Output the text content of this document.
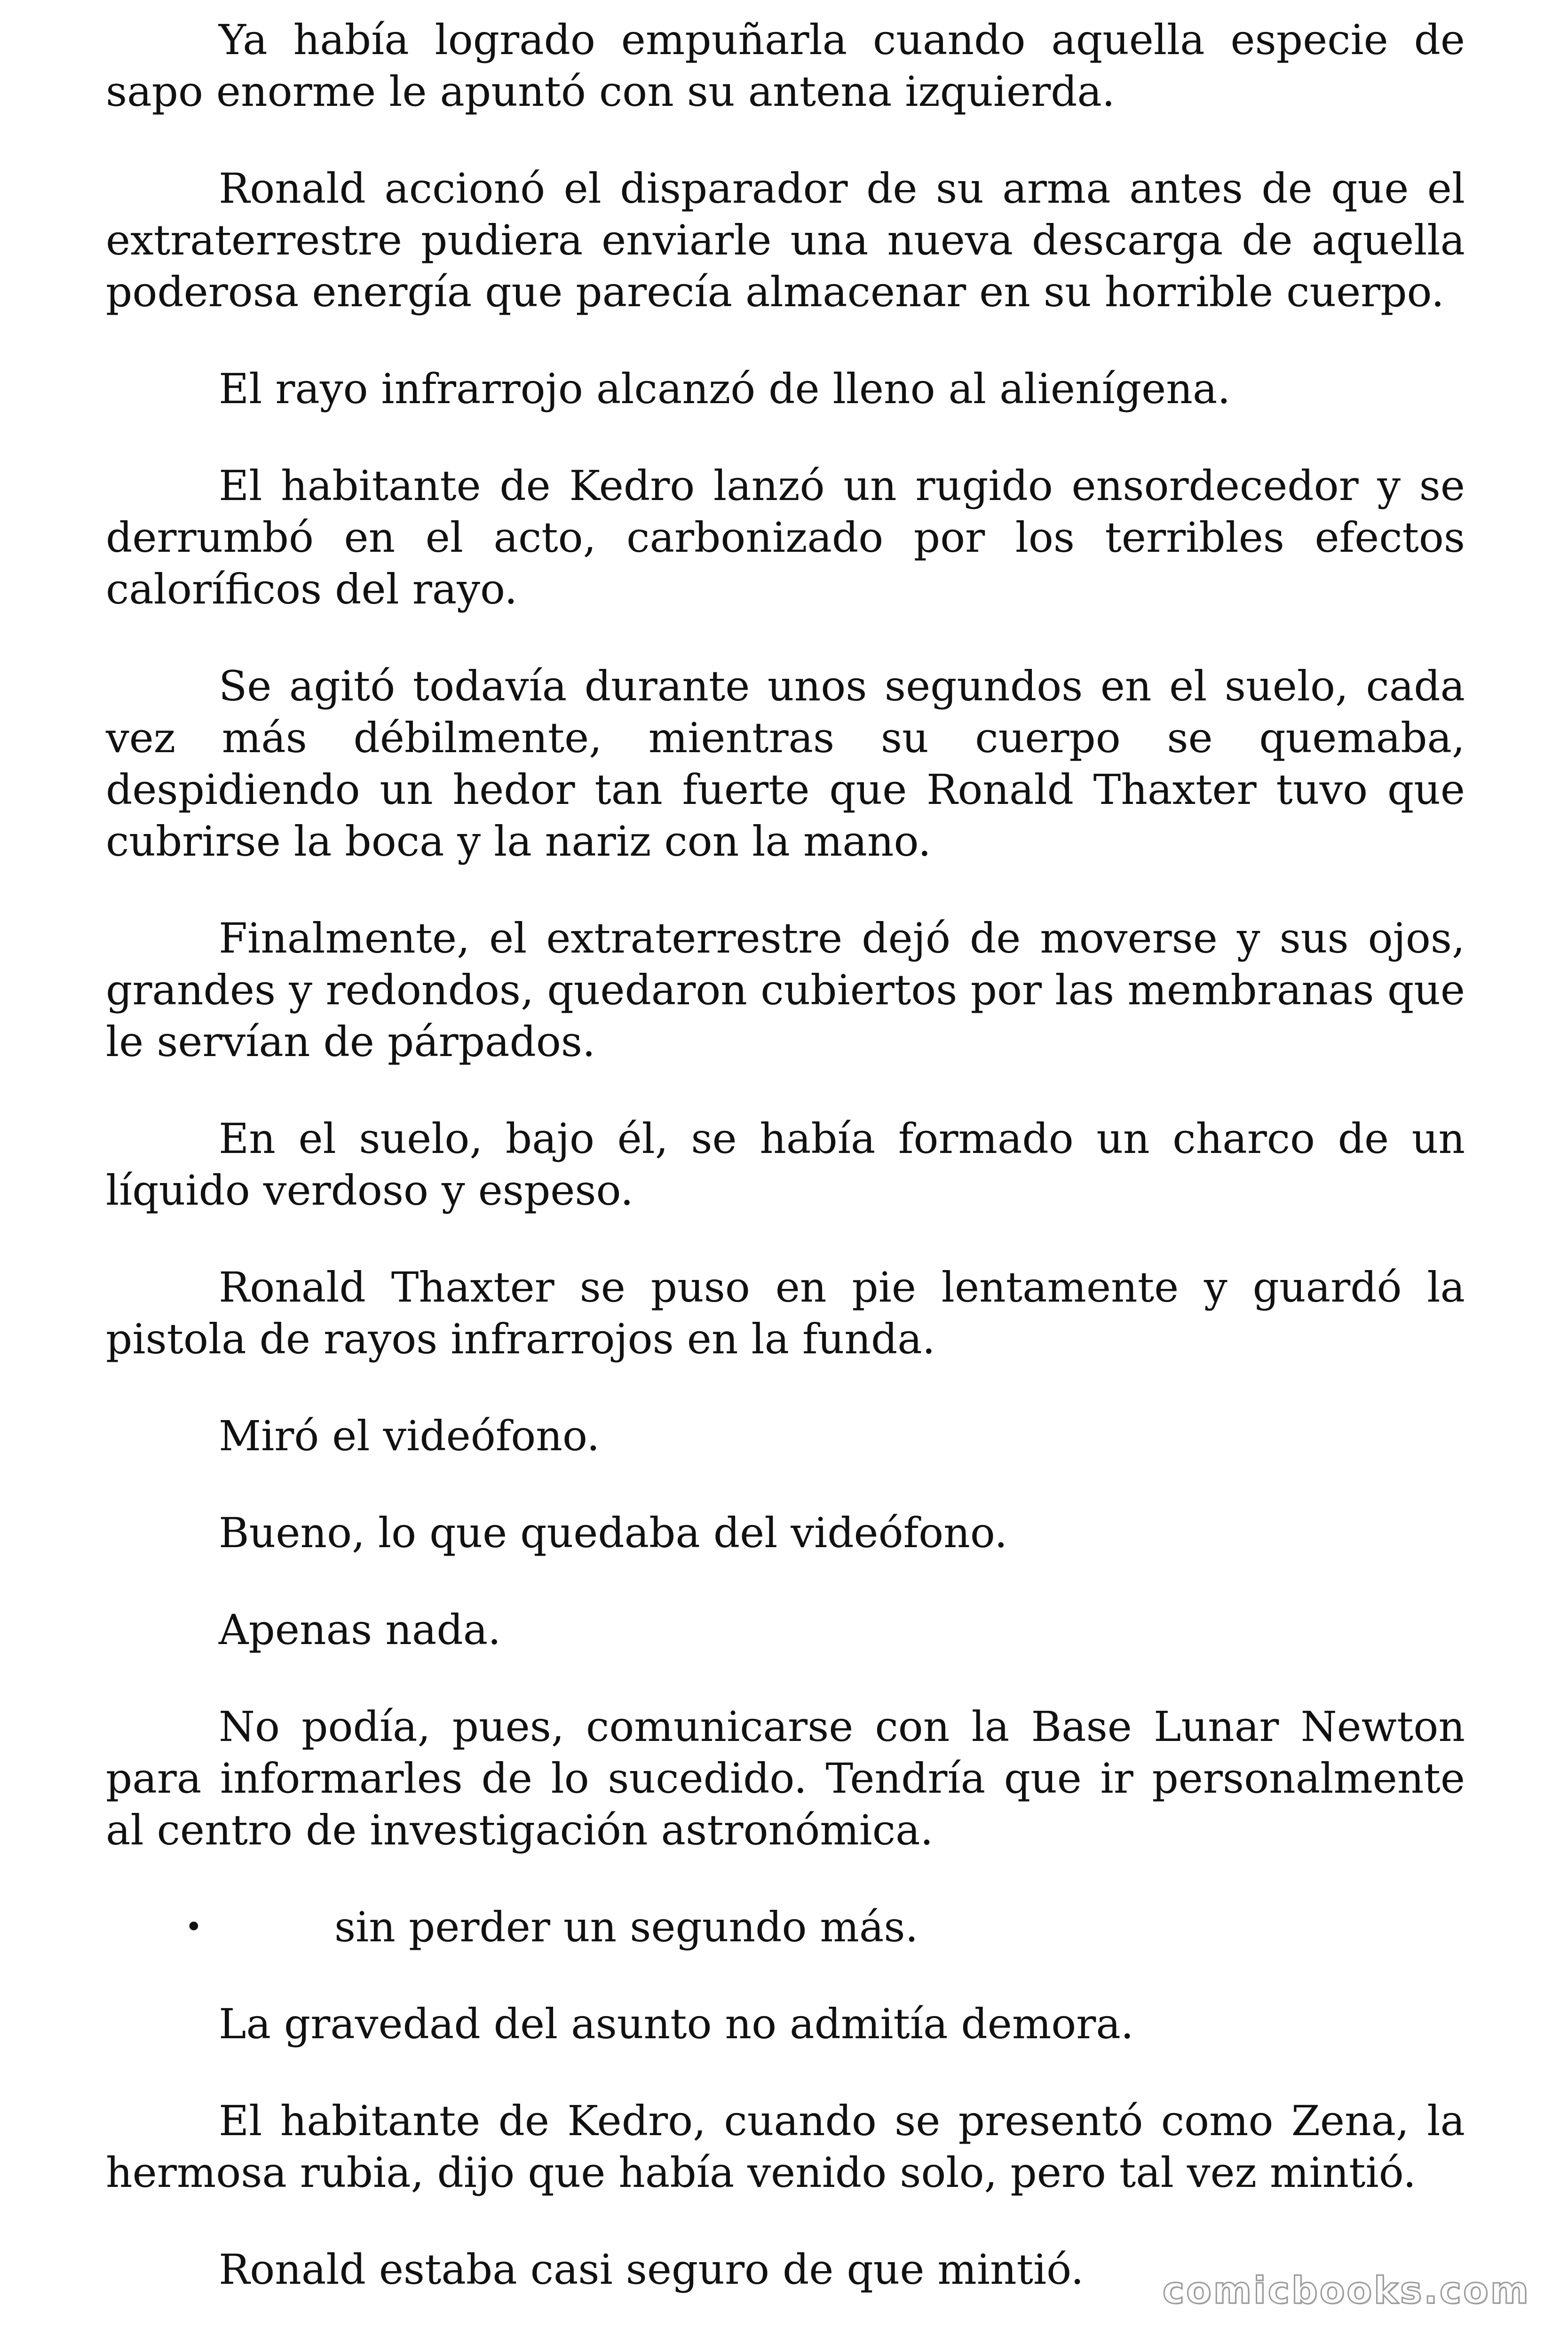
Ya había logrado empuñarla cuando aquella especie de sapo enorme le apuntó con su antena izquierda.

Ronald accionó el disparador de su arma antes de que el extraterrestre pudiera enviarle una nueva descarga de aquella poderosa energía que parecía almacenar en su horrible cuerpo.

El rayo infrarrojo alcanzó de lleno al alienígena.

El habitante de Kedro lanzó un rugido ensordecedor y se derrumbó en el acto, carbonizado por los terribles efectos caloríficos del rayo.

Se agitó todavía durante unos segundos en el suelo, cada vez más débilmente, mientras su cuerpo se quemaba, despidiendo un hedor tan fuerte que Ronald Thaxter tuvo que cubrirse la boca y la nariz con la mano.

Finalmente, el extraterrestre dejó de moverse y sus ojos, grandes y redondos, quedaron cubiertos por las membranas que le servían de párpados.

En el suelo, bajo él, se había formado un charco de un líquido verdoso y espeso.

Ronald Thaxter se puso en pie lentamente y guardó la pistola de rayos infrarrojos en la funda.

Miró el videófono.

Bueno, lo que quedaba del videófono.

Apenas nada.

No podía, pues, comunicarse con la Base Lunar Newton para informarles de lo sucedido. Tendría que ir personalmente al centro de investigación astronómica.

•	sin perder un segundo más.

La gravedad del asunto no admitía demora.

El habitante de Kedro, cuando se presentó como Zena, la hermosa rubia, dijo que había venido solo, pero tal vez mintió.

Ronald estaba casi seguro de que mintió.	comicbooks.com
